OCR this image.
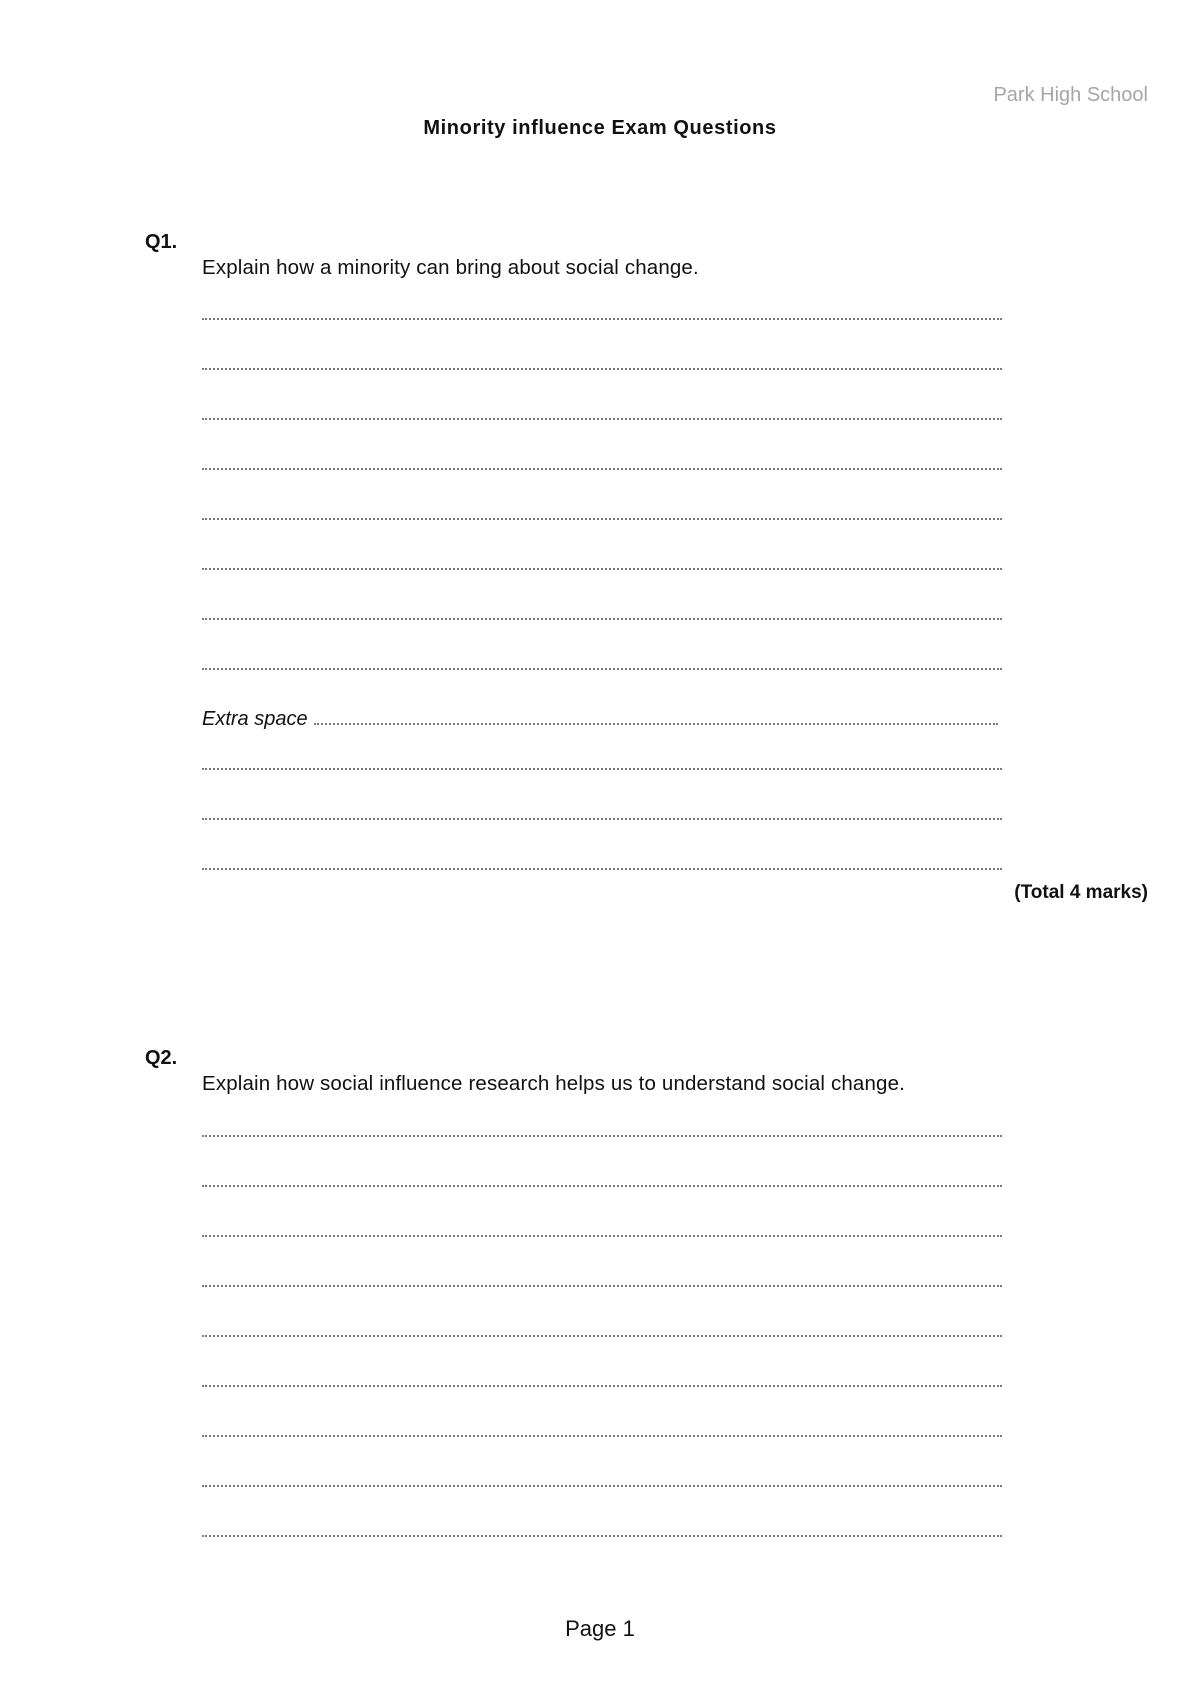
Park High School
Minority influence Exam Questions
Q1.
Explain how a minority can bring about social change.
Extra space
(Total 4 marks)
Q2.
Explain how social influence research helps us to understand social change.
Page 1
